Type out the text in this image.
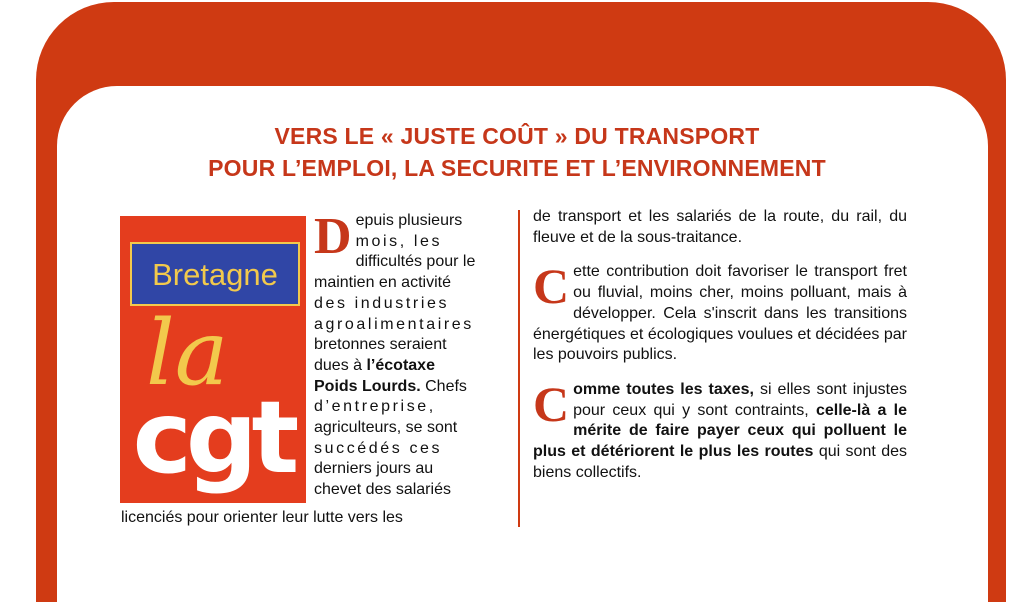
VERS LE « JUSTE COÛT » DU TRANSPORT
POUR L’EMPLOI, LA SECURITE ET L’ENVIRONNEMENT
Bretagne
la
cgt

Depuis plusieurs
mois, les
difficultés pour le
maintien en activité
des industries
agroalimentaires
bretonnes seraient
dues à l’écotaxe
Poids Lourds. Chefs
d’entreprise,
agriculteurs, se sont
succédés ces
derniers jours au
chevet des salariés

licenciés pour orienter leur lutte vers les

de transport et les salariés de la route, du rail, du fleuve et de la sous-traitance.

Cette contribution doit favoriser le transport fret ou fluvial, moins cher, moins polluant, mais à développer. Cela s'inscrit dans les transitions énergétiques et écologiques voulues et décidées par les pouvoirs publics.

Comme toutes les taxes, si elles sont injustes pour ceux qui y sont contraints, celle-là a le mérite de faire payer ceux qui polluent le plus et détériorent le plus les routes qui sont des biens collectifs.
